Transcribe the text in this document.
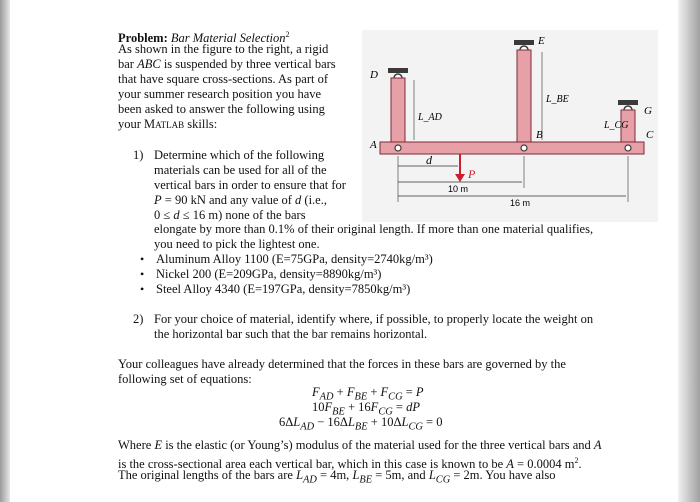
Problem: Bar Material Selection$^2$
As shown in the figure to the right, a rigid
bar ABC is suspended by three vertical bars
that have square cross-sections. As part of
your summer research position you have
been asked to answer the following using
your Matlab skills:
1) Determine which of the following
materials can be used for all of the
vertical bars in order to ensure that for
P = 90 kN and any value of d (i.e.,
0 ≤ d ≤ 16 m) none of the bars
elongate by more than 0.1% of their original length. If more than one material qualifies,
you need to pick the lightest one.
• Aluminum Alloy 1100 (E=75GPa, density=2740kg/m³)
• Nickel 200 (E=209GPa, density=8890kg/m³)
• Steel Alloy 4340 (E=197GPa, density=7850kg/m³)
2) For your choice of material, identify where, if possible, to properly locate the weight on
the horizontal bar such that the bar remains horizontal.
Your colleagues have already determined that the forces in these bars are governed by the
following set of equations:
$F_{AD} + F_{BE} + F_{CG} = P$
$10F_{BE} + 16F_{CG}$ = dP
$6\Delta L_{AD} - 16\Delta L_{BE} + 10\Delta L_{CG} = 0$
Where E is the elastic (or Young’s) modulus of the material used for the three vertical bars and A
is the cross-sectional area each vertical bar, which in this case is known to be A = 0.0004 $m^2$.
The original lengths of the bars are $L_{AD} = 4m$, $L_{BE} = 5m$, and $L_{CG} = 2m$. You have also
D
E
G
A
B	C
L_AD
L_BE
L_CG
d
P
10 m
16 m
